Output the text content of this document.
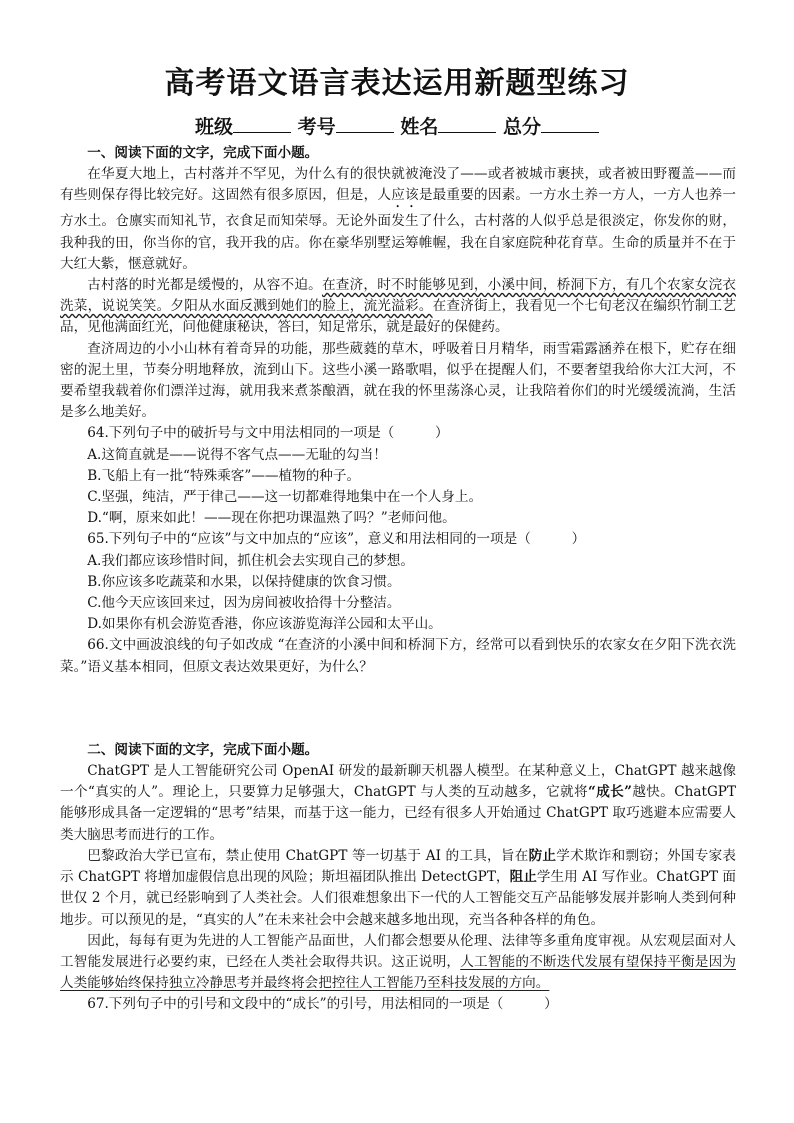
高考语文语言表达运用新题型练习
班级	考号	姓名	总分

一、阅读下面的文字，完成下面小题。

在华夏大地上，古村落并不罕见，为什么有的很快就被淹没了——或者被城市裹挟，或者被田野覆盖——而有些则保存得比较完好。这固然有很多原因，但是，人应该是最重要的因素。一方水土养一方人，一方人也养一方水土。仓廪实而知礼节，衣食足而知荣辱。无论外面发生了什么，古村落的人似乎总是很淡定，你发你的财，我种我的田，你当你的官，我开我的店。你在豪华别墅运筹帷幄，我在自家庭院种花育草。生命的质量并不在于大红大紫，惬意就好。

古村落的时光都是缓慢的，从容不迫。在查济，时不时能够见到，小溪中间，桥洞下方，有几个农家女浣衣洗菜，说说笑笑。夕阳从水面反溅到她们的脸上，流光溢彩。在查济街上，我看见一个七旬老汉在编织竹制工艺品，见他满面红光，问他健康秘诀，答曰，知足常乐，就是最好的保健药。

查济周边的小小山林有着奇异的功能，那些葳蕤的草木，呼吸着日月精华，雨雪霜露涵养在根下，贮存在细密的泥土里，节奏分明地释放，流到山下。这些小溪一路歌唱，似乎在提醒人们，不要奢望我给你大江大河，不要希望我载着你们漂洋过海，就用我来煮茶酿酒，就在我的怀里荡涤心灵，让我陪着你们的时光缓缓流淌，生活是多么地美好。

64.下列句子中的破折号与文中用法相同的一项是（　　　）

A.这简直就是——说得不客气点——无耻的勾当！

B.飞船上有一批“特殊乘客”——植物的种子。

C.坚强，纯洁，严于律己——这一切都难得地集中在一个人身上。

D.“啊，原来如此！——现在你把功课温熟了吗？”老师问他。

65.下列句子中的“应该”与文中加点的“应该”，意义和用法相同的一项是（　　　）

A.我们都应该珍惜时间，抓住机会去实现自己的梦想。

B.你应该多吃蔬菜和水果，以保持健康的饮食习惯。

C.他今天应该回来过，因为房间被收拾得十分整洁。

D.如果你有机会游览香港，你应该游览海洋公园和太平山。

66.文中画波浪线的句子如改成 “在查济的小溪中间和桥洞下方，经常可以看到快乐的农家女在夕阳下洗衣洗菜。”语义基本相同，但原文表达效果更好，为什么？

二、阅读下面的文字，完成下面小题。

ChatGPT 是人工智能研究公司 OpenAI 研发的最新聊天机器人模型。在某种意义上，ChatGPT 越来越像一个“真实的人”。理论上，只要算力足够强大，ChatGPT 与人类的互动越多，它就将“成长”越快。ChatGPT 能够形成具备一定逻辑的“思考”结果，而基于这一能力，已经有很多人开始通过 ChatGPT 取巧逃避本应需要人类大脑思考而进行的工作。

巴黎政治大学已宣布，禁止使用 ChatGPT 等一切基于 AI 的工具，旨在防止学术欺诈和剽窃；外国专家表示 ChatGPT 将增加虚假信息出现的风险；斯坦福团队推出 DetectGPT，阻止学生用 AI 写作业。ChatGPT 面世仅 2 个月，就已经影响到了人类社会。人们很难想象出下一代的人工智能交互产品能够发展并影响人类到何种地步。可以预见的是，“真实的人”在未来社会中会越来越多地出现，充当各种各样的角色。

因此，每每有更为先进的人工智能产品面世，人们都会想要从伦理、法律等多重角度审视。从宏观层面对人工智能发展进行必要约束，已经在人类社会取得共识。这正说明，人工智能的不断迭代发展有望保持平衡是因为人类能够始终保持独立冷静思考并最终将会把控往人工智能乃至科技发展的方向。

67.下列句子中的引号和文段中的“成长”的引号，用法相同的一项是（　　　）
